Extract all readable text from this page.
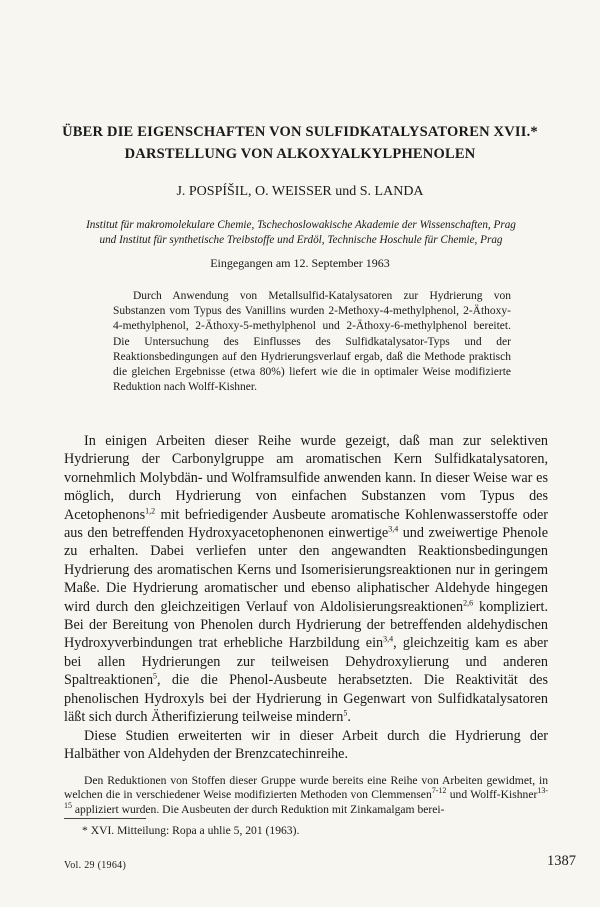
ÜBER DIE EIGENSCHAFTEN VON SULFIDKATALYSATOREN XVII.*
DARSTELLUNG VON ALKOXYALKYLPHENOLEN
J. POSPÍŠIL, O. WEISSER und S. LANDA
Institut für makromolekulare Chemie, Tschechoslowakische Akademie der Wissenschaften, Prag
und Institut für synthetische Treibstoffe und Erdöl, Technische Hoschule für Chemie, Prag
Eingegangen am 12. September 1963
Durch Anwendung von Metallsulfid-Katalysatoren zur Hydrierung von Substanzen vom Typus des Vanillins wurden 2-Methoxy-4-methylphenol, 2-Äthoxy-4-methylphenol, 2-Äthoxy-5-methylphenol und 2-Äthoxy-6-methylphenol bereitet. Die Untersuchung des Einflusses des Sulfidkatalysator-Typs und der Reaktionsbedingungen auf den Hydrierungsverlauf ergab, daß die Methode praktisch die gleichen Ergebnisse (etwa 80%) liefert wie die in optimaler Weise modifizierte Reduktion nach Wolff-Kishner.

In einigen Arbeiten dieser Reihe wurde gezeigt, daß man zur selektiven Hydrierung der Carbonylgruppe am aromatischen Kern Sulfidkatalysatoren, vornehmlich Molybdän- und Wolframsulfide anwenden kann. In dieser Weise war es möglich, durch Hydrierung von einfachen Substanzen vom Typus des Acetophenons$^{1,2}$ mit befriedigender Ausbeute aromatische Kohlenwasserstoffe oder aus den betreffenden Hydroxyacetophenonen einwertige$^{3,4}$ und zweiwertige Phenole zu erhalten. Dabei verliefen unter den angewandten Reaktionsbedingungen Hydrierung des aromatischen Kerns und Isomerisierungsreaktionen nur in geringem Maße. Die Hydrierung aromatischer und ebenso aliphatischer Aldehyde hingegen wird durch den gleichzeitigen Verlauf von Aldolisierungsreaktionen$^{2,6}$ kompliziert. Bei der Bereitung von Phenolen durch Hydrierung der betreffenden aldehydischen Hydroxyverbindungen trat erhebliche Harzbildung ein$^{3,4}$, gleichzeitig kam es aber bei allen Hydrierungen zur teilweisen Dehydroxylierung und anderen Spaltreaktionen$^5$, die die Phenol-Ausbeute herabsetzten. Die Reaktivität des phenolischen Hydroxyls bei der Hydrierung in Gegenwart von Sulfidkatalysatoren läßt sich durch Ätherifizierung teilweise mindern$^5$.

Diese Studien erweiterten wir in dieser Arbeit durch die Hydrierung der Halbäther von Aldehyden der Brenzcatechinreihe.

Den Reduktionen von Stoffen dieser Gruppe wurde bereits eine Reihe von Arbeiten gewidmet, in welchen die in verschiedener Weise modifizierten Methoden von Clemmensen$^{7-12}$ und Wolff-Kishner$^{13-15}$ appliziert wurden. Die Ausbeuten der durch Reduktion mit Zinkamalgam berei-

* XVI. Mitteilung: Ropa a uhlie 5, 201 (1963).
Vol. 29 (1964)	1387
